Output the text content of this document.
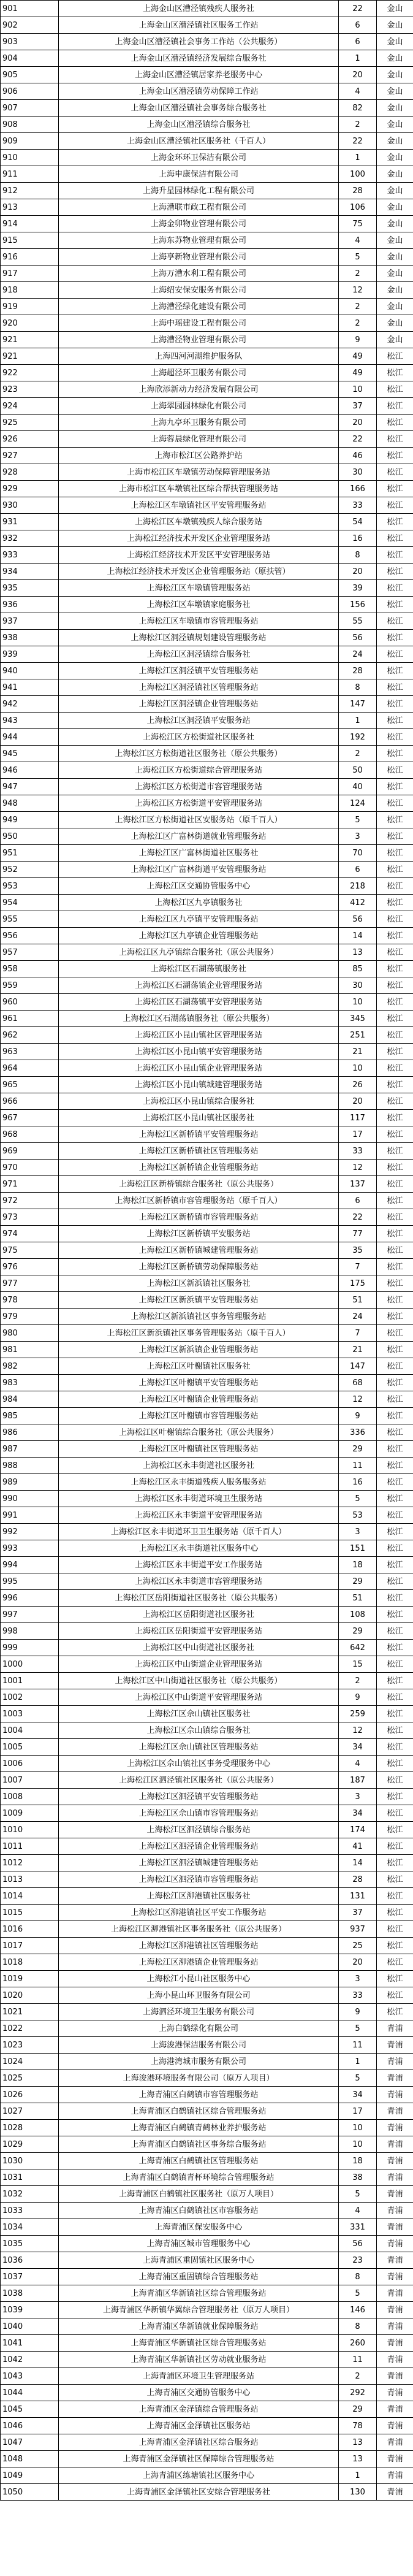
901	上海金山区漕泾镇残疾人服务社	22	金山
902	上海金山区漕泾镇社区服务工作站	6	金山
903	上海金山区漕泾镇社会事务工作站（公共服务）	6	金山
904	上海金山区漕泾镇经济发展综合服务社	1	金山
905	上海金山区漕泾镇居家养老服务中心	20	金山
906	上海金山区漕泾镇劳动保障工作站	4	金山
907	上海金山区漕泾镇社会事务综合服务社	82	金山
908	上海金山区漕泾镇综合服务社	2	金山
909	上海金山区漕泾镇社区服务社（千百人）	22	金山
910	上海金环环卫保洁有限公司	1	金山
911	上海申康保洁有限公司	100	金山
912	上海升星园林绿化工程有限公司	28	金山
913	上海漕联市政工程有限公司	106	金山
914	上海金卯物业管理有限公司	75	金山
915	上海东苏物业管理有限公司	4	金山
916	上海享新物业管理有限公司	5	金山
917	上海万漕水利工程有限公司	2	金山
918	上海绍安保安服务有限公司	12	金山
919	上海漕泾绿化建设有限公司	2	金山
920	上海中瑶建设工程有限公司	2	金山
921	上海漕泾物业管理有限公司	9	金山
921	上海四河河湖维护服务队	49	松江
922	上海超泾环卫服务有限公司	49	松江
923	上海欣添新动力经济发展有限公司	10	松江
924	上海翠园园林绿化有限公司	37	松江
925	上海九亭环卫服务有限公司	20	松江
926	上海蓉晨绿化管理有限公司	22	松江
927	上海市松江区公路养护站	46	松江
928	上海市松江区车墩镇劳动保障管理服务站	30	松江
929	上海市松江区车墩镇社区综合帮扶管理服务站	166	松江
930	上海松江区车墩镇社区平安管理服务站	33	松江
931	上海松江区车墩镇残疾人综合服务站	54	松江
932	上海松江经济技术开发区企业管理服务站	16	松江
933	上海松江经济技术开发区平安管理服务站	8	松江
934	上海松江经济技术开发区企业管理服务站（原扶管）	20	松江
935	上海松江区车墩镇管理服务站	39	松江
936	上海松江区车墩镇家庭服务社	156	松江
937	上海松江区车墩镇市容管理服务站	55	松江
938	上海松江区洞泾镇规划建设管理服务站	56	松江
939	上海松江区洞泾镇综合服务社	24	松江
940	上海松江区洞泾镇平安管理服务站	28	松江
941	上海松江区洞泾镇社区管理服务站	8	松江
942	上海松江区洞泾镇企业管理服务站	147	松江
943	上海松江区洞泾镇平安服务站	1	松江
944	上海松江区方松街道社区服务社	192	松江
945	上海松江区方松街道社区服务社（原公共服务）	2	松江
946	上海松江区方松街道综合管理服务站	50	松江
947	上海松江区方松街道市容管理服务站	40	松江
948	上海松江区方松街道平安管理服务站	124	松江
949	上海松江区方松街道社区安服务站（原千百人）	5	松江
950	上海松江区广富林街道就业管理服务站	3	松江
951	上海松江区广富林街道社区服务社	70	松江
952	上海松江区广富林街道平安管理服务站	6	松江
953	上海松江区交通协管服务中心	218	松江
954	上海松江区九亭镇服务社	412	松江
955	上海松江区九亭镇平安管理服务站	56	松江
956	上海松江区九亭镇企业管理服务站	14	松江
957	上海松江区九亭镇综合服务社（原公共服务）	13	松江
958	上海松江区石湖荡镇服务社	85	松江
959	上海松江区石湖荡镇企业管理服务站	30	松江
960	上海松江区石湖荡镇平安管理服务站	10	松江
961	上海松江区石湖荡镇服务社（原公共服务）	345	松江
962	上海松江区小昆山镇社区管理服务站	251	松江
963	上海松江区小昆山镇平安管理服务站	21	松江
964	上海松江区小昆山镇企业管理服务站	10	松江
965	上海松江区小昆山镇城建管理服务站	26	松江
966	上海松江区小昆山镇综合服务社	20	松江
967	上海松江区小昆山镇社区服务社	117	松江
968	上海松江区新桥镇平安管理服务站	17	松江
969	上海松江区新桥镇社区管理服务站	33	松江
970	上海松江区新桥镇企业管理服务站	12	松江
971	上海松江区新桥镇综合服务社（原公共服务）	137	松江
972	上海松江区新桥镇市容管理服务站（原千百人）	6	松江
973	上海松江区新桥镇市容管理服务站	22	松江
974	上海松江区新桥镇平安服务站	77	松江
975	上海松江区新桥镇城建管理服务站	35	松江
976	上海松江区新桥镇劳动保障服务站	7	松江
977	上海松江区新浜镇社区服务社	175	松江
978	上海松江区新浜镇平安管理服务站	51	松江
979	上海松江区新浜镇社区事务管理服务站	24	松江
980	上海松江区新浜镇社区事务管理服务站（原千百人）	7	松江
981	上海松江区新浜镇企业管理服务站	21	松江
982	上海松江区叶榭镇社区服务社	147	松江
983	上海松江区叶榭镇平安管理服务站	68	松江
984	上海松江区叶榭镇企业管理服务站	12	松江
985	上海松江区叶榭镇市容管理服务站	9	松江
986	上海松江区叶榭镇综合服务社（原公共服务）	336	松江
987	上海松江区叶榭镇社区管理服务站	29	松江
988	上海松江区永丰街道社区服务社	11	松江
989	上海松江区永丰街道残疾人服务服务站	16	松江
990	上海松江区永丰街道环境卫生服务站	5	松江
991	上海松江区永丰街道平安管理服务站	53	松江
992	上海松江区永丰街道环卫卫生服务站（原千百人）	3	松江
993	上海松江区永丰街道社区服务中心	151	松江
994	上海松江区永丰街道平安工作服务站	18	松江
995	上海松江区永丰街道市容管理服务站	29	松江
996	上海松江区岳阳街道社区服务社（原公共服务）	51	松江
997	上海松江区岳阳街道社区服务社	108	松江
998	上海松江区岳阳街道平安管理服务站	29	松江
999	上海松江区中山街道社区服务社	642	松江
1000	上海松江区中山街道企业管理服务站	15	松江
1001	上海松江区中山街道社区服务社（原公共服务）	2	松江
1002	上海松江区中山街道平安管理服务站	9	松江
1003	上海松江区佘山镇社区服务社	259	松江
1004	上海松江区佘山镇综合服务社	12	松江
1005	上海松江区佘山镇社区管理服务站	34	松江
1006	上海松江区佘山镇社区事务受理服务中心	4	松江
1007	上海松江区泗泾镇社区服务社（原公共服务）	187	松江
1008	上海松江区泗泾镇平安管理服务站	3	松江
1009	上海松江区佘山镇市容管理服务站	34	松江
1010	上海松江区泗泾镇综合服务站	174	松江
1011	上海松江区泗泾镇企业管理服务站	41	松江
1012	上海松江区泗泾镇城建管理服务站	14	松江
1013	上海松江区泗泾镇市容管理服务站	28	松江
1014	上海松江区泖港镇社区服务社	131	松江
1015	上海松江区泖港镇社区平安工作服务站	37	松江
1016	上海松江区泖港镇社区事务服务社（原公共服务）	937	松江
1017	上海松江区泖港镇社区管理服务站	25	松江
1018	上海松江区泖港镇企业管理服务站	20	松江
1019	上海松江小昆山社区服务中心	3	松江
1020	上海小昆山环卫服务有限公司	33	松江
1021	上海泗泾环境卫生服务有限公司	9	松江
1022	上海白鹤绿化有限公司	5	青浦
1023	上海浚港保洁服务有限公司	11	青浦
1024	上海港湾城市服务有限公司	1	青浦
1025	上海浚港环境服务有限公司（原万人项目）	5	青浦
1026	上海青浦区白鹤镇市容管理服务站	34	青浦
1027	上海青浦区白鹤镇社区综合管理服务站	17	青浦
1028	上海青浦区白鹤镇青鹤林业养护服务站	10	青浦
1029	上海青浦区白鹤镇社区事务综合服务站	10	青浦
1030	上海青浦区白鹤镇社区管理服务站	18	青浦
1031	上海青浦区白鹤镇青杯环境综合管理服务站	38	青浦
1032	上海青浦区白鹤镇社区服务社（原万人项目）	5	青浦
1033	上海青浦区白鹤镇社区市容服务站	4	青浦
1034	上海青浦区保安服务中心	331	青浦
1035	上海青浦区城市管理服务中心	56	青浦
1036	上海青浦区重固镇社区服务中心	23	青浦
1037	上海青浦区重固镇综合管理服务站	8	青浦
1038	上海青浦区华新镇社区综合管理服务站	5	青浦
1039	上海青浦区华新镇华翼综合管理服务社（原万人项目）	146	青浦
1040	上海青浦区华新镇就业保障服务站	8	青浦
1041	上海青浦区华新镇社区综合管理服务站	260	青浦
1042	上海青浦区华新镇社区劳动就业服务站	11	青浦
1043	上海青浦区环境卫生管理服务站	2	青浦
1044	上海青浦区交通协管服务中心	292	青浦
1045	上海青浦区金泽镇综合管理服务站	29	青浦
1046	上海青浦区金泽镇社区服务站	78	青浦
1047	上海青浦区金泽镇社区综合服务站	13	青浦
1048	上海青浦区金泽镇社区保障综合管理服务站	13	青浦
1049	上海青浦区练塘镇社区服务中心	1	青浦
1050	上海青浦区金泽镇社区安综合管理服务社	130	青浦
